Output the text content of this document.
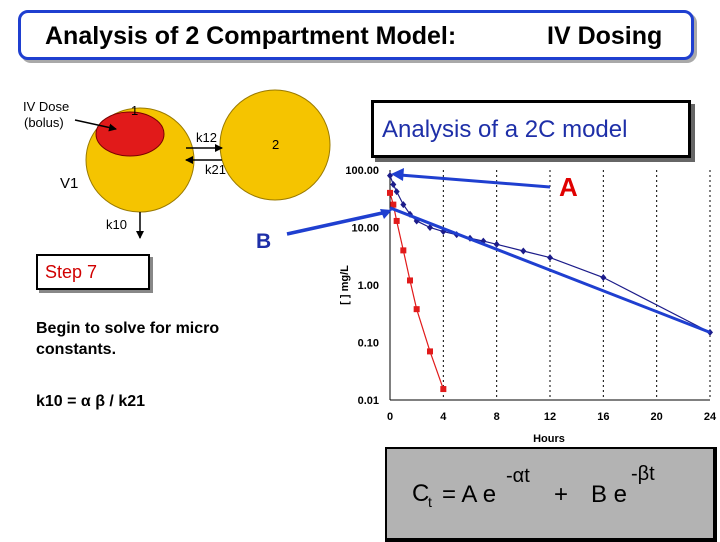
Analysis of 2 Compartment Model:	IV Dosing
IV Dose
(bolus)
1
2
V1
k12
k21
k10
Analysis of a 2C model
0	4	8	12	16	20	24
100.00
10.00
1.00
0.10
0.01
Hours
[ ] mg/L
A
B
Step 7
Begin to solve for micro
constants.
k10 = α β / k21
C
t = A e
-αt
+ B e
-βt
